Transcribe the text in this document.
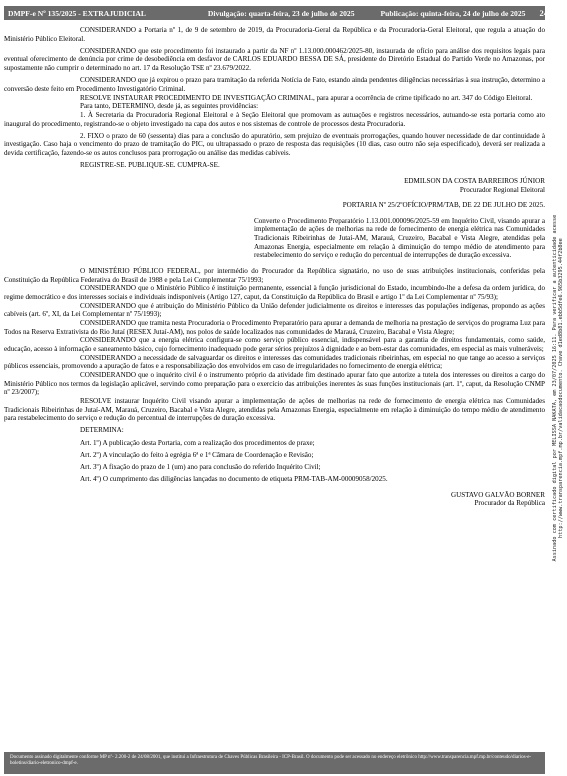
DMPF-e Nº 135/2025 - EXTRAJUDICIAL	Divulgação: quarta-feira, 23 de julho de 2025	Publicação: quinta-feira, 24 de julho de 2025 24

CONSIDERANDO a Portaria nº 1, de 9 de setembro de 2019, da Procuradoria-Geral da República e da Procuradoria-Geral Eleitoral, que regula a atuação do Ministério Público Eleitoral.

CONSIDERANDO que este procedimento foi instaurado a partir da NF nº 1.13.000.000462/2025-80, instaurada de ofício para análise dos requisitos legais para eventual oferecimento de denúncia por crime de desobediência em desfavor de CARLOS EDUARDO BESSA DE SÁ, presidente do Diretório Estadual do Partido Verde no Amazonas, por supostamente não cumprir o determinado no art. 17 da Resolução TSE nº 23.679/2022.

CONSIDERANDO que já expirou o prazo para tramitação da referida Notícia de Fato, estando ainda pendentes diligências necessárias à sua instrução, determino a conversão deste feito em Procedimento Investigatório Criminal.

RESOLVE INSTAURAR PROCEDIMENTO DE INVESTIGAÇÃO CRIMINAL, para apurar a ocorrência de crime tipificado no art. 347 do Código Eleitoral.

Para tanto, DETERMINO, desde já, as seguintes providências:

1. À Secretaria da Procuradoria Regional Eleitoral e à Seção Eleitoral que promovam as autuações e registros necessários, autuando-se esta portaria como ato inaugural do procedimento, registrando-se o objeto investigado na capa dos autos e nos sistemas de controle de processos desta Procuradoria.

2. FIXO o prazo de 60 (sessenta) dias para a conclusão do apuratório, sem prejuízo de eventuais prorrogações, quando houver necessidade de dar continuidade à investigação. Caso haja o vencimento do prazo de tramitação do PIC, ou ultrapassado o prazo de resposta das requisições (10 dias, caso outro não seja especificado), deverá ser realizada a devida certificação, fazendo-se os autos conclusos para prorrogação ou análise das medidas cabíveis.

REGISTRE-SE. PUBLIQUE-SE. CUMPRA-SE.

EDMILSON DA COSTA BARREIROS JÚNIOR

Procurador Regional Eleitoral

PORTARIA Nº 25/2ºOFÍCIO/PRM/TAB, DE 22 DE JULHO DE 2025.

Converte o Procedimento Preparatório 1.13.001.000096/2025-59 em Inquérito Civil, visando apurar a implementação de ações de melhorias na rede de fornecimento de energia elétrica nas Comunidades Tradicionais Ribeirinhas de Jutaí-AM, Marauá, Cruzeiro, Bacabal e Vista Alegre, atendidas pela Amazonas Energia, especialmente em relação à diminuição do tempo médio de atendimento para restabelecimento do serviço e redução do percentual de interrupções de duração excessiva.

O MINISTÉRIO PÚBLICO FEDERAL, por intermédio do Procurador da República signatário, no uso de suas atribuições institucionais, conferidas pela Constituição da República Federativa do Brasil de 1988 e pela Lei Complementar 75/1993;

CONSIDERANDO que o Ministério Público é instituição permanente, essencial à função jurisdicional do Estado, incumbindo-lhe a defesa da ordem jurídica, do regime democrático e dos interesses sociais e individuais indisponíveis (Artigo 127, caput, da Constituição da República do Brasil e artigo 1º da Lei Complementar nº 75/93);

CONSIDERANDO que é atribuição do Ministério Público da União defender judicialmente os direitos e interesses das populações indígenas, propondo as ações cabíveis (art. 6º, XI, da Lei Complementar nº 75/1993);

CONSIDERANDO que tramita nesta Procuradoria o Procedimento Preparatório para apurar a demanda de melhoria na prestação de serviços do programa Luz para Todos na Reserva Extrativista do Rio Jutaí (RESEX Jutaí-AM), nos polos de saúde localizados nas comunidades de Marauá, Cruzeiro, Bacabal e Vista Alegre;

CONSIDERANDO que a energia elétrica configura-se como serviço público essencial, indispensável para a garantia de direitos fundamentais, como saúde, educação, acesso à informação e saneamento básico, cujo fornecimento inadequado pode gerar sérios prejuízos à dignidade e ao bem-estar das comunidades, em especial as mais vulneráveis;

CONSIDERANDO a necessidade de salvaguardar os direitos e interesses das comunidades tradicionais ribeirinhas, em especial no que tange ao acesso a serviços públicos essenciais, promovendo a apuração de fatos e a responsabilização dos envolvidos em caso de irregularidades no fornecimento de energia elétrica;

CONSIDERANDO que o inquérito civil é o instrumento próprio da atividade fim destinado apurar fato que autorize a tutela dos interesses ou direitos a cargo do Ministério Público nos termos da legislação aplicável, servindo como preparação para o exercício das atribuições inerentes às suas funções institucionais (art. 1º, caput, da Resolução CNMP nº 23/2007);

RESOLVE instaurar Inquérito Civil visando apurar a implementação de ações de melhorias na rede de fornecimento de energia elétrica nas Comunidades Tradicionais Ribeirinhas de Jutaí-AM, Marauá, Cruzeiro, Bacabal e Vista Alegre, atendidas pela Amazonas Energia, especialmente em relação à diminuição do tempo médio de atendimento para restabelecimento do serviço e redução do percentual de interrupções de duração excessiva.

DETERMINA:

Art. 1º) A publicação desta Portaria, com a realização dos procedimentos de praxe;

Art. 2º) A vinculação do feito à egrégia 6ª e 1ª Câmara de Coordenação e Revisão;

Art. 3º) A fixação do prazo de 1 (um) ano para conclusão do referido Inquérito Civil;

Art. 4º) O cumprimento das diligências lançadas no documento de etiqueta PRM-TAB-AM-00009058/2025.

GUSTAVO GALVÃO BORNER

Procurador da República

Documento assinado digitalmente conforme MP nº- 2.200-2 de 24/08/2001, que instituí a Infraestrutura de Chaves Públicas Brasileira - ICP-Brasil. O documento pode ser acessado no endereço eletrônico http://www.transparencia.mpf.mp.br/conteudo/diarios-e-boletins/diario-eletronico-dmpf-e.
Assinado com certificado digital por MELISSA NAKATA, em 23/07/2025 16:11. Para verificar a autenticidade acesse
http://www.transparencia.mpf.mp.br/validacaodocumento. Chave d1ed8b81.ebb5dfe6.965b3295.44f2b8ee
